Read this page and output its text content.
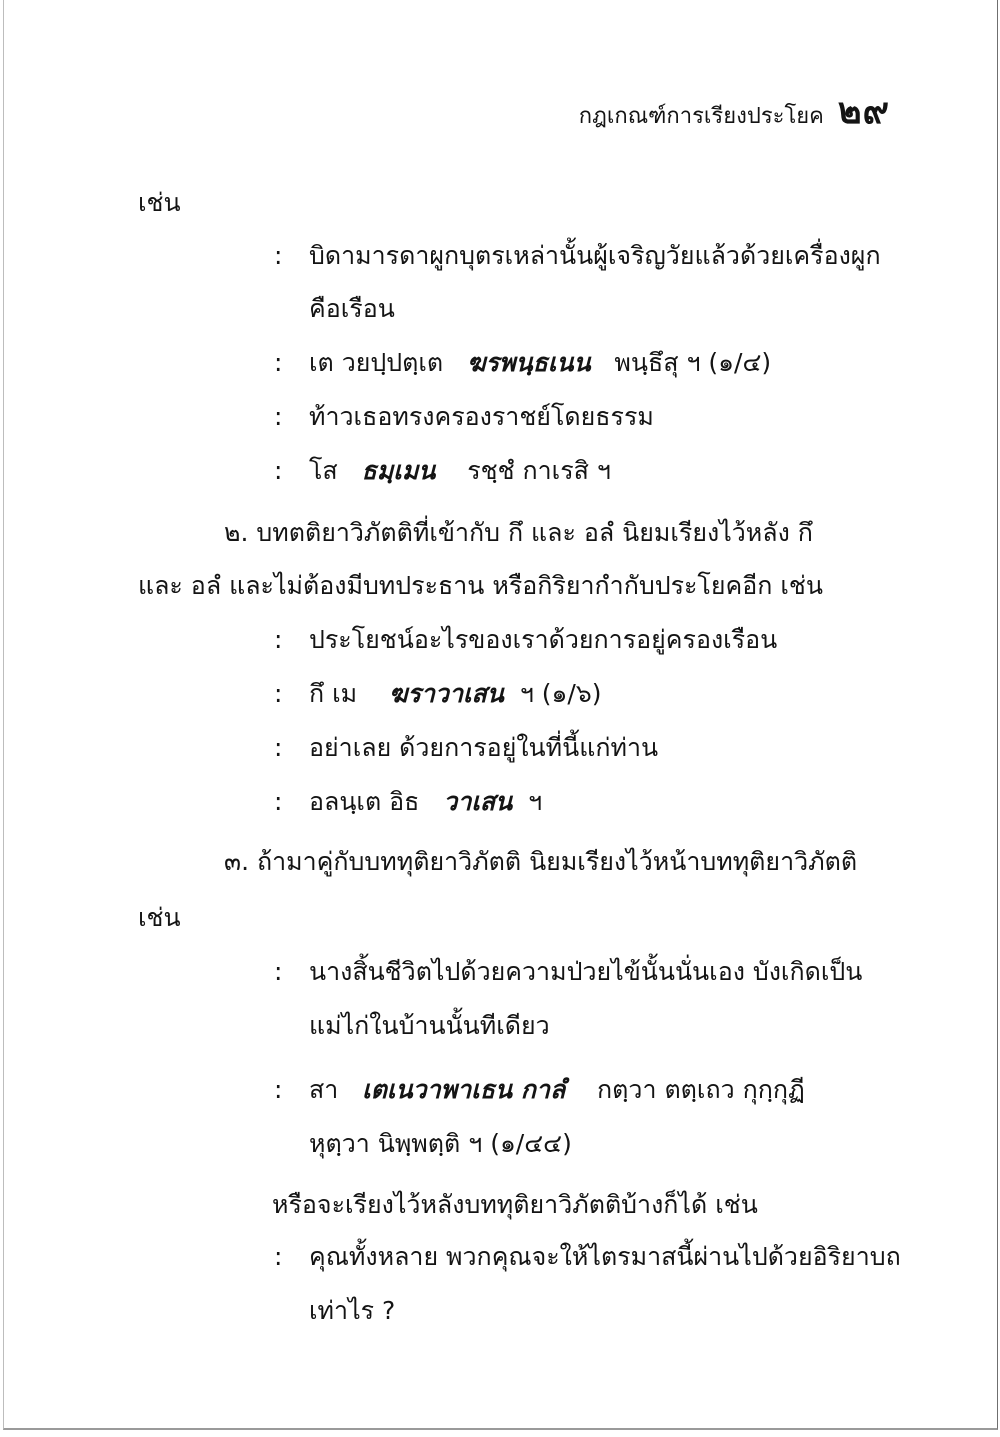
กฎเกณฑ์การเรียงประโยค ๒๙
เช่น
: บิดามารดาผูกบุตรเหล่านั้นผู้เจริญวัยแล้วด้วยเครื่องผูก
คือเรือน
: เต วยปฺปตฺเต ฆรพนฺธเนน พนฺธึสุ ฯ (๑/๔)
: ท้าวเธอทรงครองราชย์โดยธรรม
: โส ธมฺเมน รชฺชํ กาเรสิ ฯ
๒. บทตติยาวิภัตติที่เข้ากับ กึ และ อลํ นิยมเรียงไว้หลัง กึ
และ อลํ และไม่ต้องมีบทประธาน หรือกิริยากำกับประโยคอีก เช่น
: ประโยชน์อะไรของเราด้วยการอยู่ครองเรือน
: กึ เม ฆราวาเสน ฯ (๑/๖)
: อย่าเลย ด้วยการอยู่ในที่นี้แก่ท่าน
: อลนฺเต อิธ วาเสน ฯ
๓. ถ้ามาคู่กับบททุติยาวิภัตติ นิยมเรียงไว้หน้าบททุติยาวิภัตติ
เช่น
: นางสิ้นชีวิตไปด้วยความป่วยไข้นั้นนั่นเอง บังเกิดเป็น
แม่ไก่ในบ้านนั้นทีเดียว
: สา เตเนวาพาเธน กาลํ กตฺวา ตตฺเถว กุกฺกุฏี
หุตฺวา นิพฺพตฺติ ฯ (๑/๔๔)
หรือจะเรียงไว้หลังบททุติยาวิภัตติบ้างก็ได้ เช่น
: คุณทั้งหลาย พวกคุณจะให้ไตรมาสนี้ผ่านไปด้วยอิริยาบถ
เท่าไร ?
